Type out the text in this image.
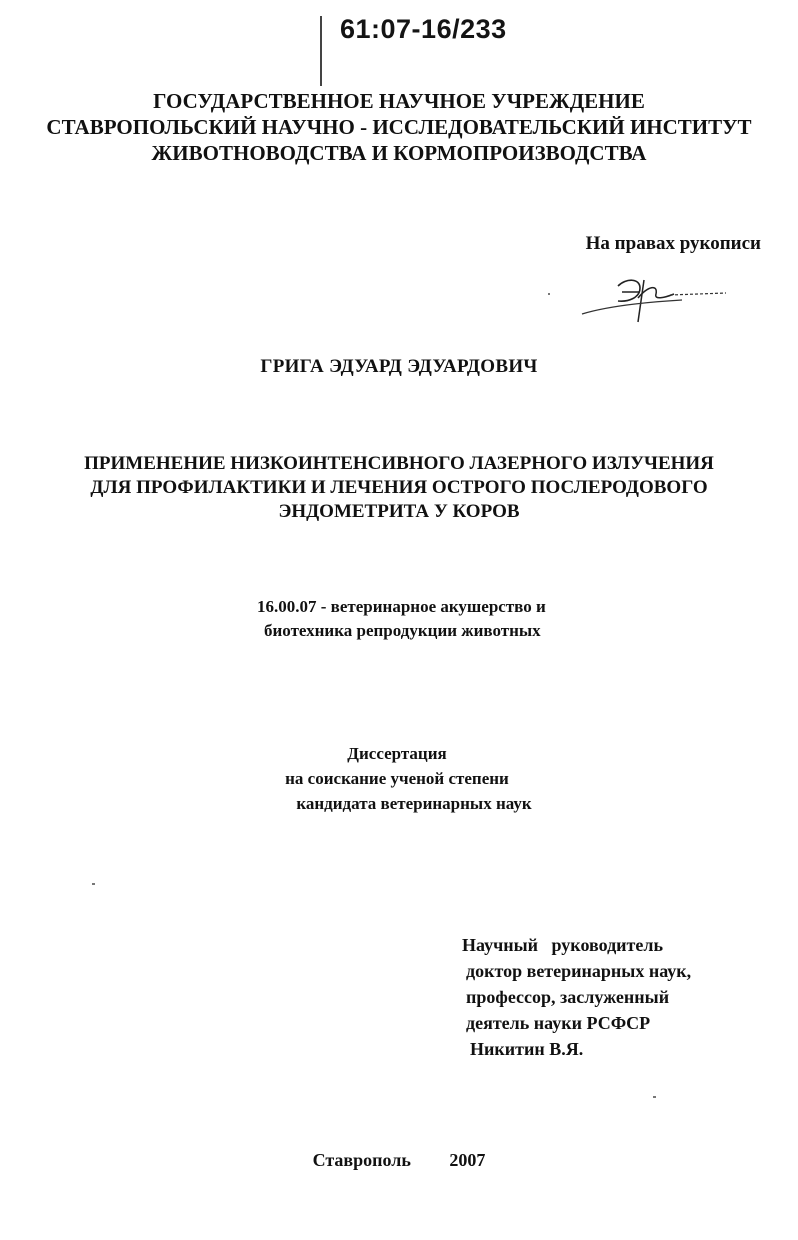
61:07-16/233
ГОСУДАРСТВЕННОЕ НАУЧНОЕ УЧРЕЖДЕНИЕ
СТАВРОПОЛЬСКИЙ НАУЧНО - ИССЛЕДОВАТЕЛЬСКИЙ ИНСТИТУТ
ЖИВОТНОВОДСТВА И КОРМОПРОИЗВОДСТВА
На правах рукописи
ГРИГА ЭДУАРД ЭДУАРДОВИЧ
ПРИМЕНЕНИЕ НИЗКОИНТЕНСИВНОГО ЛАЗЕРНОГО ИЗЛУЧЕНИЯ
ДЛЯ ПРОФИЛАКТИКИ И ЛЕЧЕНИЯ ОСТРОГО ПОСЛЕРОДОВОГО
ЭНДОМЕТРИТА У КОРОВ
16.00.07 - ветеринарное акушерство и
биотехника репродукции животных
Диссертация
на соискание ученой степени
кандидата ветеринарных наук
Научный   руководитель
доктор ветеринарных наук,
профессор, заслуженный
деятель науки РСФСР
Никитин В.Я.
Ставрополь 2007
